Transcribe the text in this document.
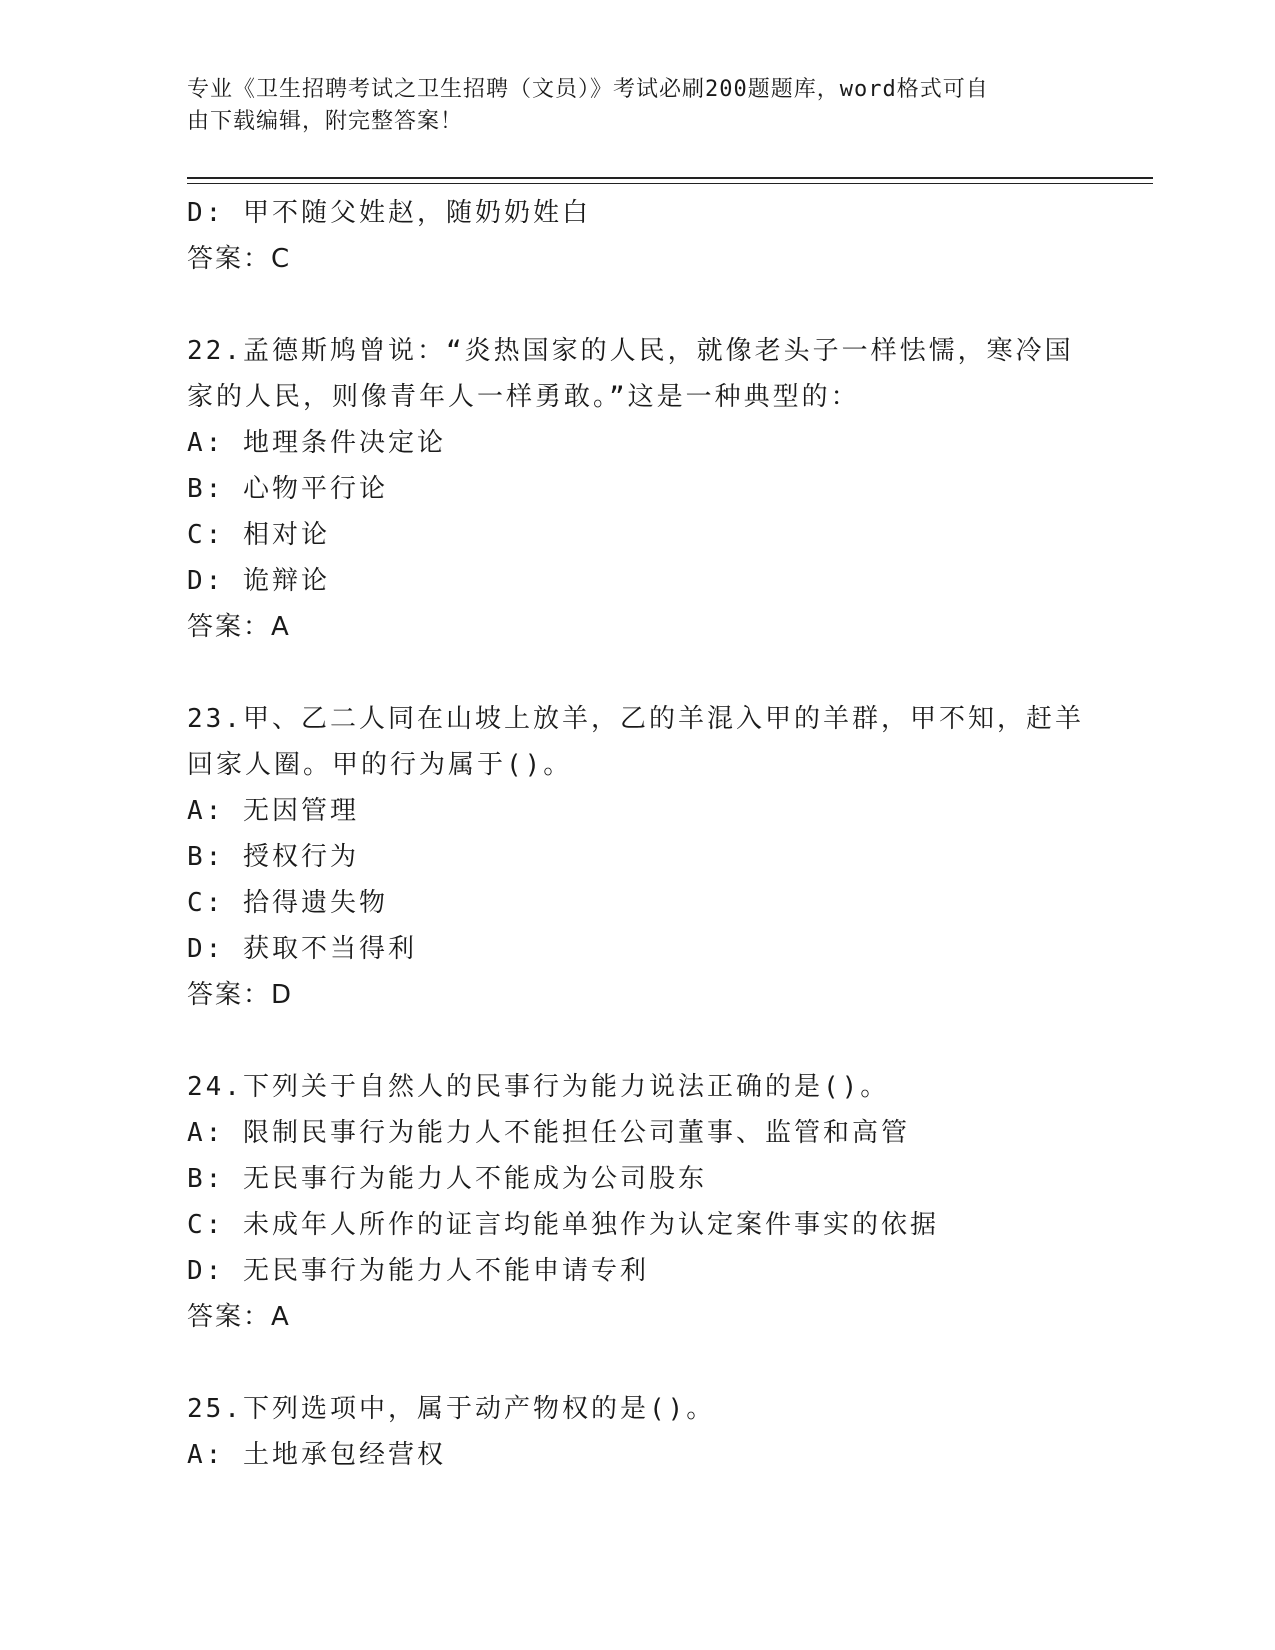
专业《卫生招聘考试之卫生招聘（文员）》考试必刷200题题库，word格式可自
由下载编辑，附完整答案！
D: 甲不随父姓赵，随奶奶姓白
答案：C
22.孟德斯鸠曾说：“炎热国家的人民，就像老头子一样怯懦，寒冷国
家的人民，则像青年人一样勇敢。”这是一种典型的：
A: 地理条件决定论
B: 心物平行论
C: 相对论
D: 诡辩论
答案：A
23.甲、乙二人同在山坡上放羊，乙的羊混入甲的羊群，甲不知，赶羊
回家人圈。甲的行为属于()。
A: 无因管理
B: 授权行为
C: 拾得遗失物
D: 获取不当得利
答案：D
24.下列关于自然人的民事行为能力说法正确的是()。
A: 限制民事行为能力人不能担任公司董事、监管和高管
B: 无民事行为能力人不能成为公司股东
C: 未成年人所作的证言均能单独作为认定案件事实的依据
D: 无民事行为能力人不能申请专利
答案：A
25.下列选项中，属于动产物权的是()。
A: 土地承包经营权
